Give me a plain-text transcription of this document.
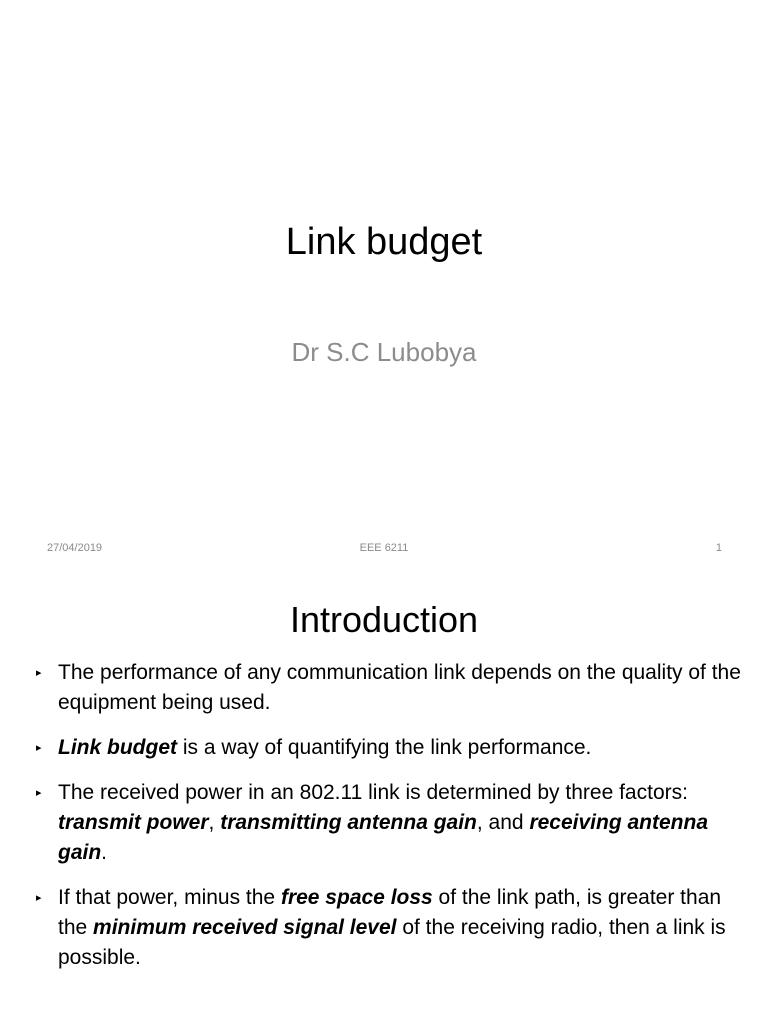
Link budget
Dr S.C Lubobya
27/04/2019	EEE 6211	1
Introduction
▸ The performance of any communication link depends on the quality of the equipment being used.
▸ Link budget is a way of quantifying the link performance.
▸ The received power in an 802.11 link is determined by three factors: transmit power, transmitting antenna gain, and receiving antenna gain.
▸ If that power, minus the free space loss of the link path, is greater than the minimum received signal level of the receiving radio, then a link is possible.
